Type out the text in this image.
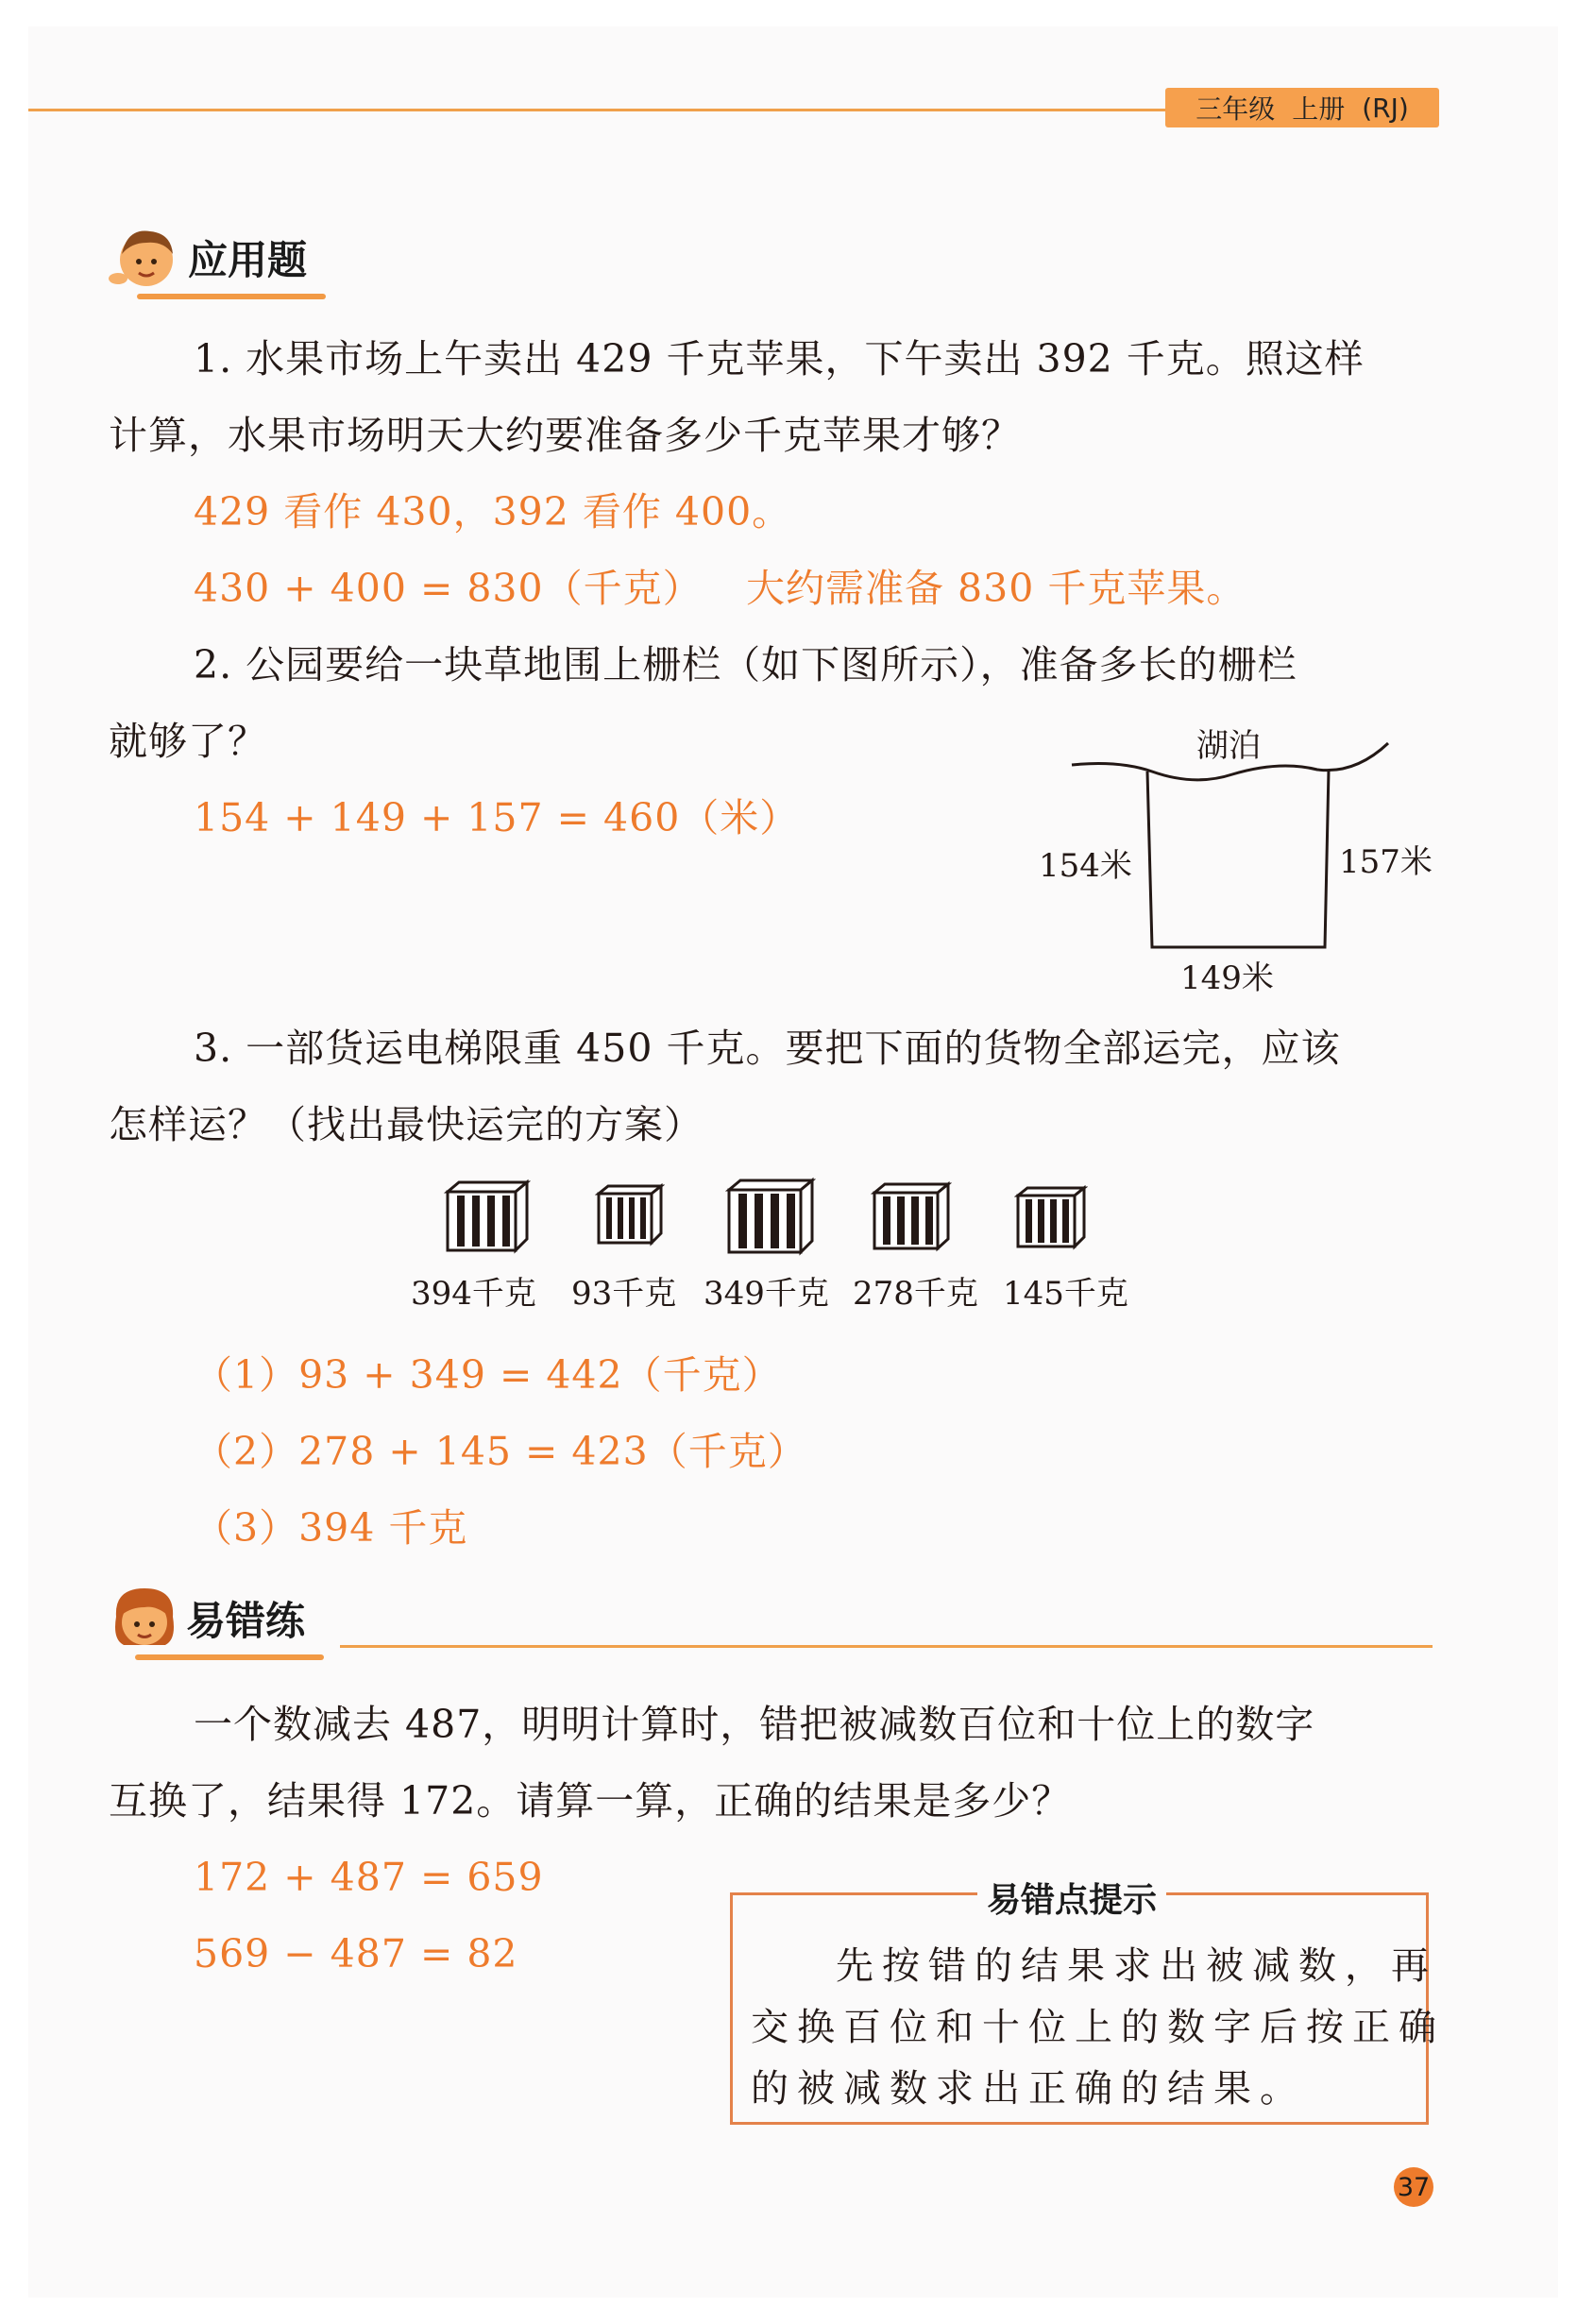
三年级 上册 (RJ)
应用题
1. 水果市场上午卖出 429 千克苹果，下午卖出 392 千克。照这样
计算，水果市场明天大约要准备多少千克苹果才够？
429 看作 430，392 看作 400。
430 + 400 = 830（千克） 大约需准备 830 千克苹果。
2. 公园要给一块草地围上栅栏（如下图所示），准备多长的栅栏
就够了？
154 + 149 + 157 = 460（米）
湖泊
154米	157米
149米
3. 一部货运电梯限重 450 千克。要把下面的货物全部运完，应该
怎样运？（找出最快运完的方案）
394千克 93千克 349千克 278千克 145千克
（1）93 + 349 = 442（千克）
（2）278 + 145 = 423（千克）
（3）394 千克
易错练
一个数减去 487，明明计算时，错把被减数百位和十位上的数字
互换了，结果得 172。请算一算，正确的结果是多少？
172 + 487 = 659
569 − 487 = 82
易错点提示
先按错的结果求出被减数，再
交换百位和十位上的数字后按正确
的被减数求出正确的结果。
37
